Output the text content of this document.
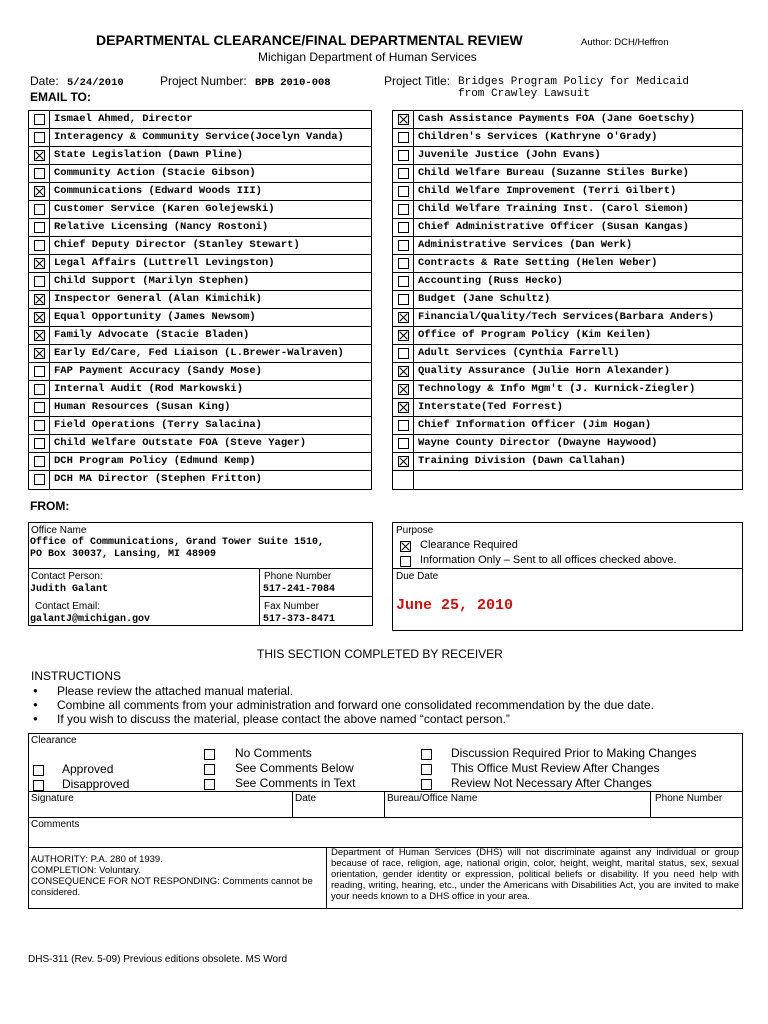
DEPARTMENTAL CLEARANCE/FINAL DEPARTMENTAL REVIEW	Author: DCH/Heffron
Michigan Department of Human Services
Date: 5/24/2010	Project Number: BPB 2010-008	Project Title: Bridges Program Policy for Medicaid
from Crawley Lawsuit
EMAIL TO:
Ismael Ahmed, Director
Interagency & Community Service(Jocelyn Vanda)
State Legislation (Dawn Pline)
Community Action (Stacie Gibson)
Communications (Edward Woods III)
Customer Service (Karen Golejewski)
Relative Licensing (Nancy Rostoni)
Chief Deputy Director (Stanley Stewart)
Legal Affairs (Luttrell Levingston)
Child Support (Marilyn Stephen)
Inspector General (Alan Kimichik)
Equal Opportunity (James Newsom)
Family Advocate (Stacie Bladen)
Early Ed/Care, Fed Liaison (L.Brewer-Walraven)
FAP Payment Accuracy (Sandy Mose)
Internal Audit (Rod Markowski)
Human Resources (Susan King)
Field Operations (Terry Salacina)
Child Welfare Outstate FOA (Steve Yager)
DCH Program Policy (Edmund Kemp)
DCH MA Director (Stephen Fritton)
Cash Assistance Payments FOA (Jane Goetschy)
Children's Services (Kathryne O'Grady)
Juvenile Justice (John Evans)
Child Welfare Bureau (Suzanne Stiles Burke)
Child Welfare Improvement (Terri Gilbert)
Child Welfare Training Inst. (Carol Siemon)
Chief Administrative Officer (Susan Kangas)
Administrative Services (Dan Werk)
Contracts & Rate Setting (Helen Weber)
Accounting (Russ Hecko)
Budget (Jane Schultz)
Financial/Quality/Tech Services(Barbara Anders)
Office of Program Policy (Kim Keilen)
Adult Services (Cynthia Farrell)
Quality Assurance (Julie Horn Alexander)
Technology & Info Mgm't (J. Kurnick-Ziegler)
Interstate(Ted Forrest)
Chief Information Officer (Jim Hogan)
Wayne County Director (Dwayne Haywood)
Training Division (Dawn Callahan)
FROM:
Office Name
Office of Communications, Grand Tower Suite 1510,
PO Box 30037, Lansing, MI 48909
Contact Person:
Judith Galant
Phone Number
517-241-7084
Contact Email:
galantJ@michigan.gov
Fax Number
517-373-8471
Purpose
Clearance Required
Information Only – Sent to all offices checked above.
Due Date
June 25, 2010
THIS SECTION COMPLETED BY RECEIVER
INSTRUCTIONS
● Please review the attached manual material.
● Combine all comments from your administration and forward one consolidated recommendation by the due date.
● If you wish to discuss the material, please contact the above named “contact person.”
Clearance
Approved
Disapproved
No Comments
See Comments Below
See Comments in Text
Discussion Required Prior to Making Changes
This Office Must Review After Changes
Review Not Necessary After Changes
Signature	Date	Bureau/Office Name	Phone Number
Comments
AUTHORITY: P.A. 280 of 1939.
COMPLETION: Voluntary.
CONSEQUENCE FOR NOT RESPONDING: Comments cannot be considered.
Department of Human Services (DHS) will not discriminate against any individual or group because of race, religion, age, national origin, color, height, weight, marital status, sex, sexual orientation, gender identity or expression, political beliefs or disability. If you need help with reading, writing, hearing, etc., under the Americans with Disabilities Act, you are invited to make your needs known to a DHS office in your area.
DHS-311 (Rev. 5-09) Previous editions obsolete. MS Word
